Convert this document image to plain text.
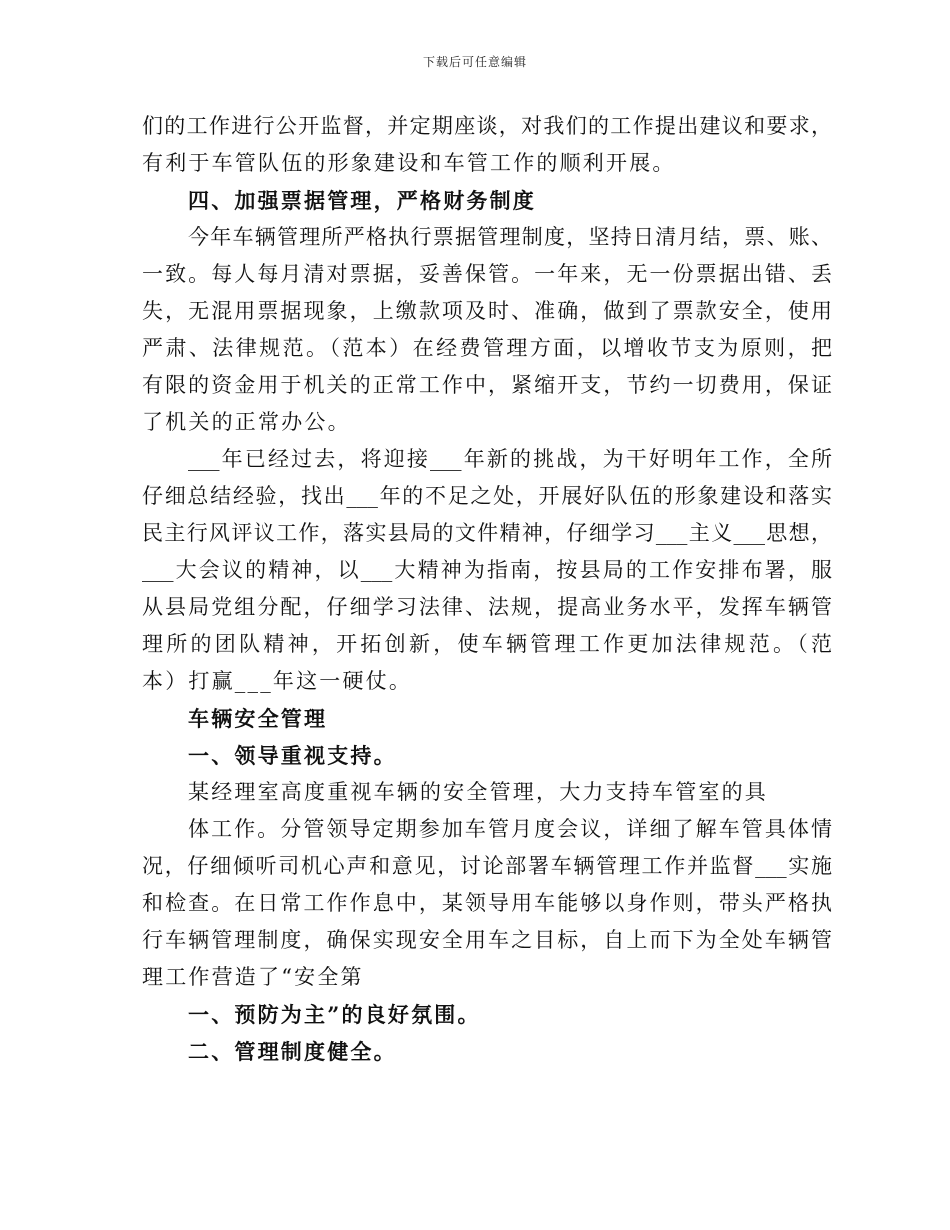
下载后可任意编辑
们的工作进行公开监督，并定期座谈，对我们的工作提出建议和要求，
有利于车管队伍的形象建设和车管工作的顺利开展。
四、加强票据管理，严格财务制度
今年车辆管理所严格执行票据管理制度，坚持日清月结，票、账、
一致。每人每月清对票据，妥善保管。一年来，无一份票据出错、丢
失，无混用票据现象，上缴款项及时、准确，做到了票款安全，使用
严肃、法律规范。（范本）在经费管理方面，以增收节支为原则，把
有限的资金用于机关的正常工作中，紧缩开支，节约一切费用，保证
了机关的正常办公。
___年已经过去，将迎接___年新的挑战，为干好明年工作，全所
仔细总结经验，找出___年的不足之处，开展好队伍的形象建设和落实
民主行风评议工作，落实县局的文件精神，仔细学习___主义___思想，
___大会议的精神，以___大精神为指南，按县局的工作安排布署，服
从县局党组分配，仔细学习法律、法规，提高业务水平，发挥车辆管
理所的团队精神，开拓创新，使车辆管理工作更加法律规范。（范
本）打赢___年这一硬仗。
车辆安全管理
一、领导重视支持。
某经理室高度重视车辆的安全管理，大力支持车管室的具
体工作。分管领导定期参加车管月度会议，详细了解车管具体情
况，仔细倾听司机心声和意见，讨论部署车辆管理工作并监督___实施
和检查。在日常工作作息中，某领导用车能够以身作则，带头严格执
行车辆管理制度，确保实现安全用车之目标，自上而下为全处车辆管
理工作营造了“安全第
一、预防为主”的良好氛围。
二、管理制度健全。
